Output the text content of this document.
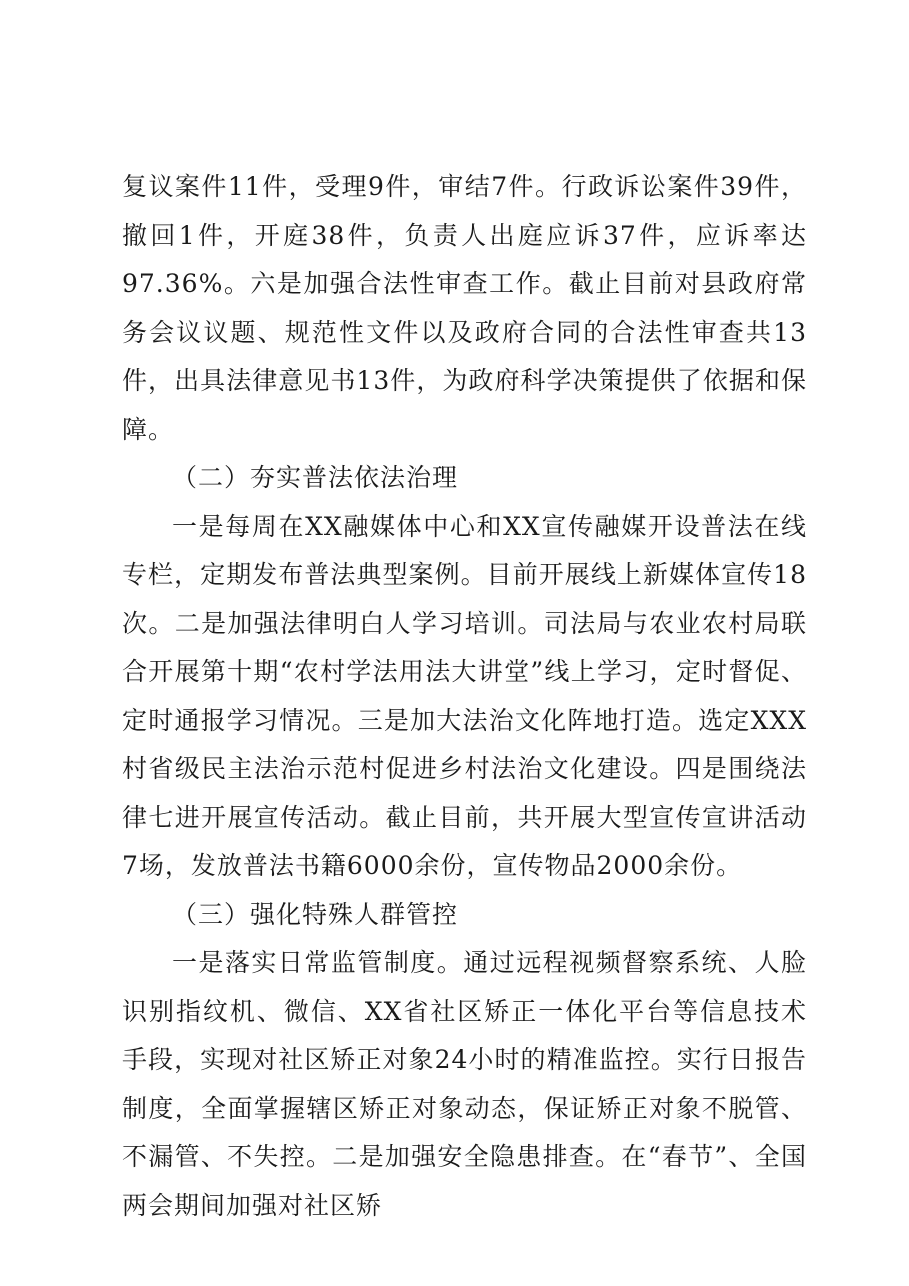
复议案件11件，受理9件，审结7件。行政诉讼案件39件，撤回1件，开庭38件，负责人出庭应诉37件，应诉率达97.36%。六是加强合法性审查工作。截止目前对县政府常务会议议题、规范性文件以及政府合同的合法性审查共13件，出具法律意见书13件，为政府科学决策提供了依据和保障。

（二）夯实普法依法治理

一是每周在XX融媒体中心和XX宣传融媒开设普法在线专栏，定期发布普法典型案例。目前开展线上新媒体宣传18次。二是加强法律明白人学习培训。司法局与农业农村局联合开展第十期“农村学法用法大讲堂”线上学习，定时督促、定时通报学习情况。三是加大法治文化阵地打造。选定XXX村省级民主法治示范村促进乡村法治文化建设。四是围绕法律七进开展宣传活动。截止目前，共开展大型宣传宣讲活动7场，发放普法书籍6000余份，宣传物品2000余份。

（三）强化特殊人群管控

一是落实日常监管制度。通过远程视频督察系统、人脸识别指纹机、微信、XX省社区矫正一体化平台等信息技术手段，实现对社区矫正对象24小时的精准监控。实行日报告制度，全面掌握辖区矫正对象动态，保证矫正对象不脱管、不漏管、不失控。二是加强安全隐患排查。在“春节”、全国两会期间加强对社区矫
